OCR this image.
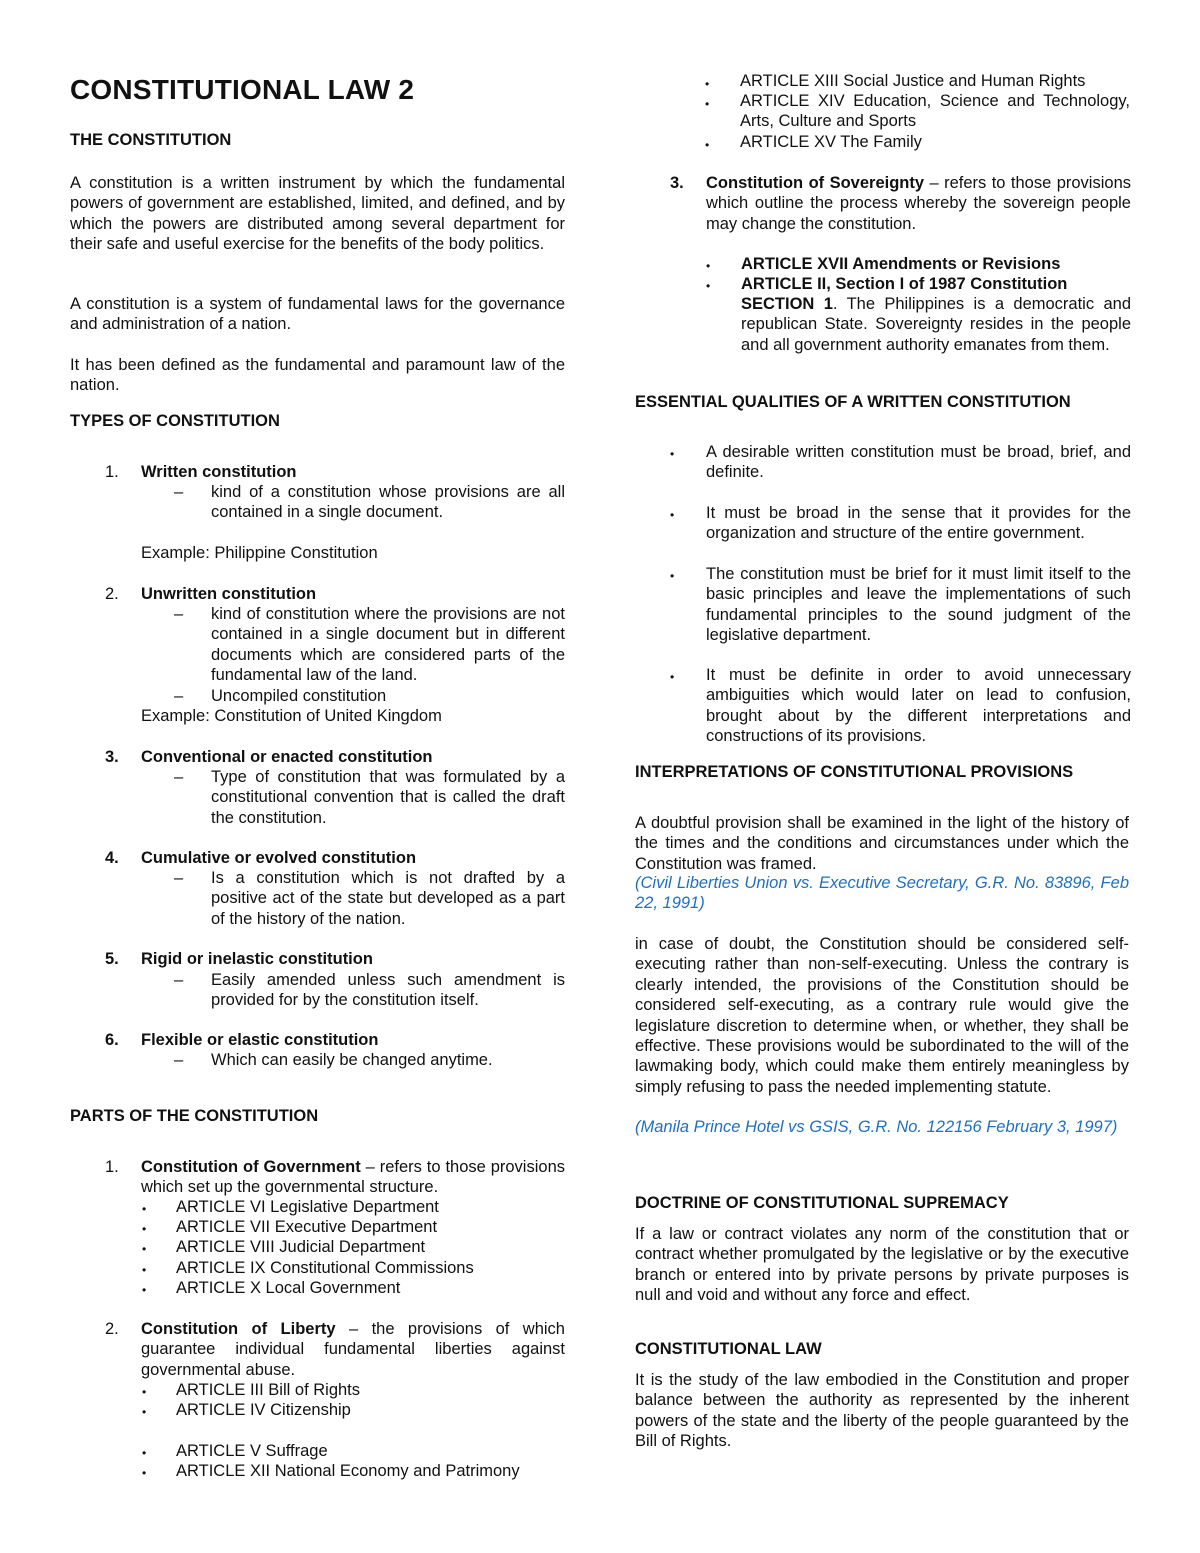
CONSTITUTIONAL LAW 2
THE CONSTITUTION

A constitution is a written instrument by which the fundamental powers of government are established, limited, and defined, and by which the powers are distributed among several department for their safe and useful exercise for the benefits of the body politics.

A constitution is a system of fundamental laws for the governance and administration of a nation.

It has been defined as the fundamental and paramount law of the nation.

TYPES OF CONSTITUTION
1. Written constitution
– kind of a constitution whose provisions are all contained in a single document.

Example: Philippine Constitution

2. Unwritten constitution
– kind of constitution where the provisions are not contained in a single document but in different documents which are considered parts of the fundamental law of the land.

– Uncompiled constitution

Example: Constitution of United Kingdom

3. Conventional or enacted constitution
– Type of constitution that was formulated by a constitutional convention that is called the draft the constitution.

4. Cumulative or evolved constitution
– Is a constitution which is not drafted by a positive act of the state but developed as a part of the history of the nation.

5. Rigid or inelastic constitution
– Easily amended unless such amendment is provided for by the constitution itself.

6. Flexible or elastic constitution
– Which can easily be changed anytime.

PARTS OF THE CONSTITUTION
1. Constitution of Government – refers to those provisions which set up the governmental structure.

• ARTICLE VI Legislative Department
• ARTICLE VII Executive Department
• ARTICLE VIII Judicial Department
• ARTICLE IX Constitutional Commissions
• ARTICLE X Local Government
2. Constitution of Liberty – the provisions of which guarantee individual fundamental liberties against governmental abuse.

• ARTICLE III Bill of Rights
• ARTICLE IV Citizenship
• ARTICLE V Suffrage
• ARTICLE XII National Economy and Patrimony
• ARTICLE XIII Social Justice and Human Rights
• ARTICLE XIV Education, Science and Technology, Arts, Culture and Sports
• ARTICLE XV The Family
3. Constitution of Sovereignty – refers to those provisions which outline the process whereby the sovereign people may change the constitution.

• ARTICLE XVII Amendments or Revisions
• ARTICLE II, Section I of 1987 Constitution

SECTION 1. The Philippines is a democratic and republican State. Sovereignty resides in the people and all government authority emanates from them.

ESSENTIAL QUALITIES OF A WRITTEN CONSTITUTION
• A desirable written constitution must be broad, brief, and definite.
• It must be broad in the sense that it provides for the organization and structure of the entire government.
• The constitution must be brief for it must limit itself to the basic principles and leave the implementations of such fundamental principles to the sound judgment of the legislative department.
• It must be definite in order to avoid unnecessary ambiguities which would later on lead to confusion, brought about by the different interpretations and constructions of its provisions.
INTERPRETATIONS OF CONSTITUTIONAL PROVISIONS

A doubtful provision shall be examined in the light of the history of the times and the conditions and circumstances under which the Constitution was framed.

(Civil Liberties Union vs. Executive Secretary, G.R. No. 83896, Feb 22, 1991)

in case of doubt, the Constitution should be considered self-executing rather than non-self-executing. Unless the contrary is clearly intended, the provisions of the Constitution should be considered self-executing, as a contrary rule would give the legislature discretion to determine when, or whether, they shall be effective. These provisions would be subordinated to the will of the lawmaking body, which could make them entirely meaningless by simply refusing to pass the needed implementing statute.

(Manila Prince Hotel vs GSIS, G.R. No. 122156 February 3, 1997)

DOCTRINE OF CONSTITUTIONAL SUPREMACY

If a law or contract violates any norm of the constitution that or contract whether promulgated by the legislative or by the executive branch or entered into by private persons by private purposes is null and void and without any force and effect.

CONSTITUTIONAL LAW

It is the study of the law embodied in the Constitution and proper balance between the authority as represented by the inherent powers of the state and the liberty of the people guaranteed by the Bill of Rights.
